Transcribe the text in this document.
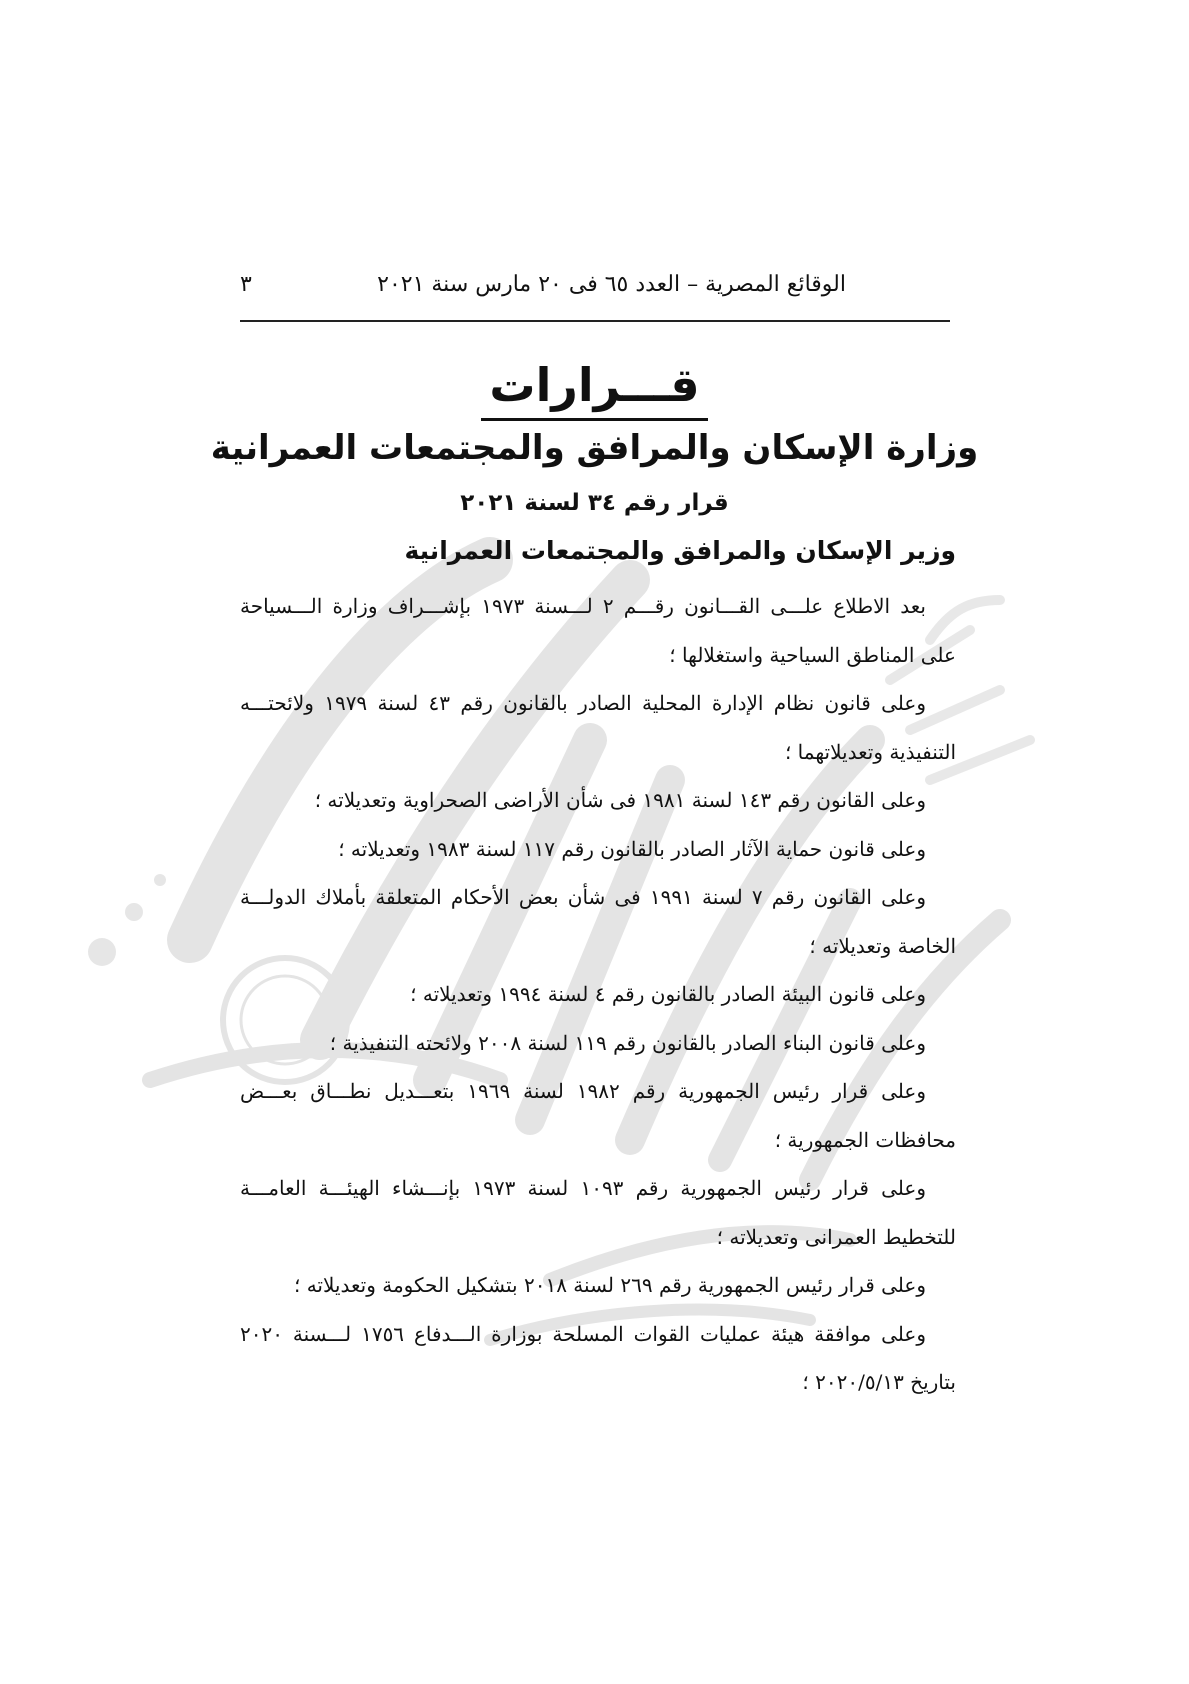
الوقائع المصرية – العدد ٦٥ فى ٢٠ مارس سنة ٢٠٢١
٣
قـــرارات
وزارة الإسكان والمرافق والمجتمعات العمرانية
قرار رقم ٣٤ لسنة ٢٠٢١
وزير الإسكان والمرافق والمجتمعات العمرانية

بعد الاطلاع علـــى القـــانون رقـــم ٢ لـــسنة ١٩٧٣ بإشـــراف وزارة الـــسياحة على المناطق السياحية واستغلالها ؛

وعلى قانون نظام الإدارة المحلية الصادر بالقانون رقم ٤٣ لسنة ١٩٧٩ ولائحتـــه التنفيذية وتعديلاتهما ؛

وعلى القانون رقم ١٤٣ لسنة ١٩٨١ فى شأن الأراضى الصحراوية وتعديلاته ؛

وعلى قانون حماية الآثار الصادر بالقانون رقم ١١٧ لسنة ١٩٨٣ وتعديلاته ؛

وعلى القانون رقم ٧ لسنة ١٩٩١ فى شأن بعض الأحكام المتعلقة بأملاك الدولـــة الخاصة وتعديلاته ؛

وعلى قانون البيئة الصادر بالقانون رقم ٤ لسنة ١٩٩٤ وتعديلاته ؛

وعلى قانون البناء الصادر بالقانون رقم ١١٩ لسنة ٢٠٠٨ ولائحته التنفيذية ؛

وعلى قرار رئيس الجمهورية رقم ١٩٨٢ لسنة ١٩٦٩ بتعـــديل نطـــاق بعـــض محافظات الجمهورية ؛

وعلى قرار رئيس الجمهورية رقم ١٠٩٣ لسنة ١٩٧٣ بإنـــشاء الهيئـــة العامـــة للتخطيط العمرانى وتعديلاته ؛

وعلى قرار رئيس الجمهورية رقم ٢٦٩ لسنة ٢٠١٨ بتشكيل الحكومة وتعديلاته ؛

وعلى موافقة هيئة عمليات القوات المسلحة بوزارة الـــدفاع ١٧٥٦ لـــسنة ٢٠٢٠ بتاريخ ٢٠٢٠/٥/١٣ ؛
